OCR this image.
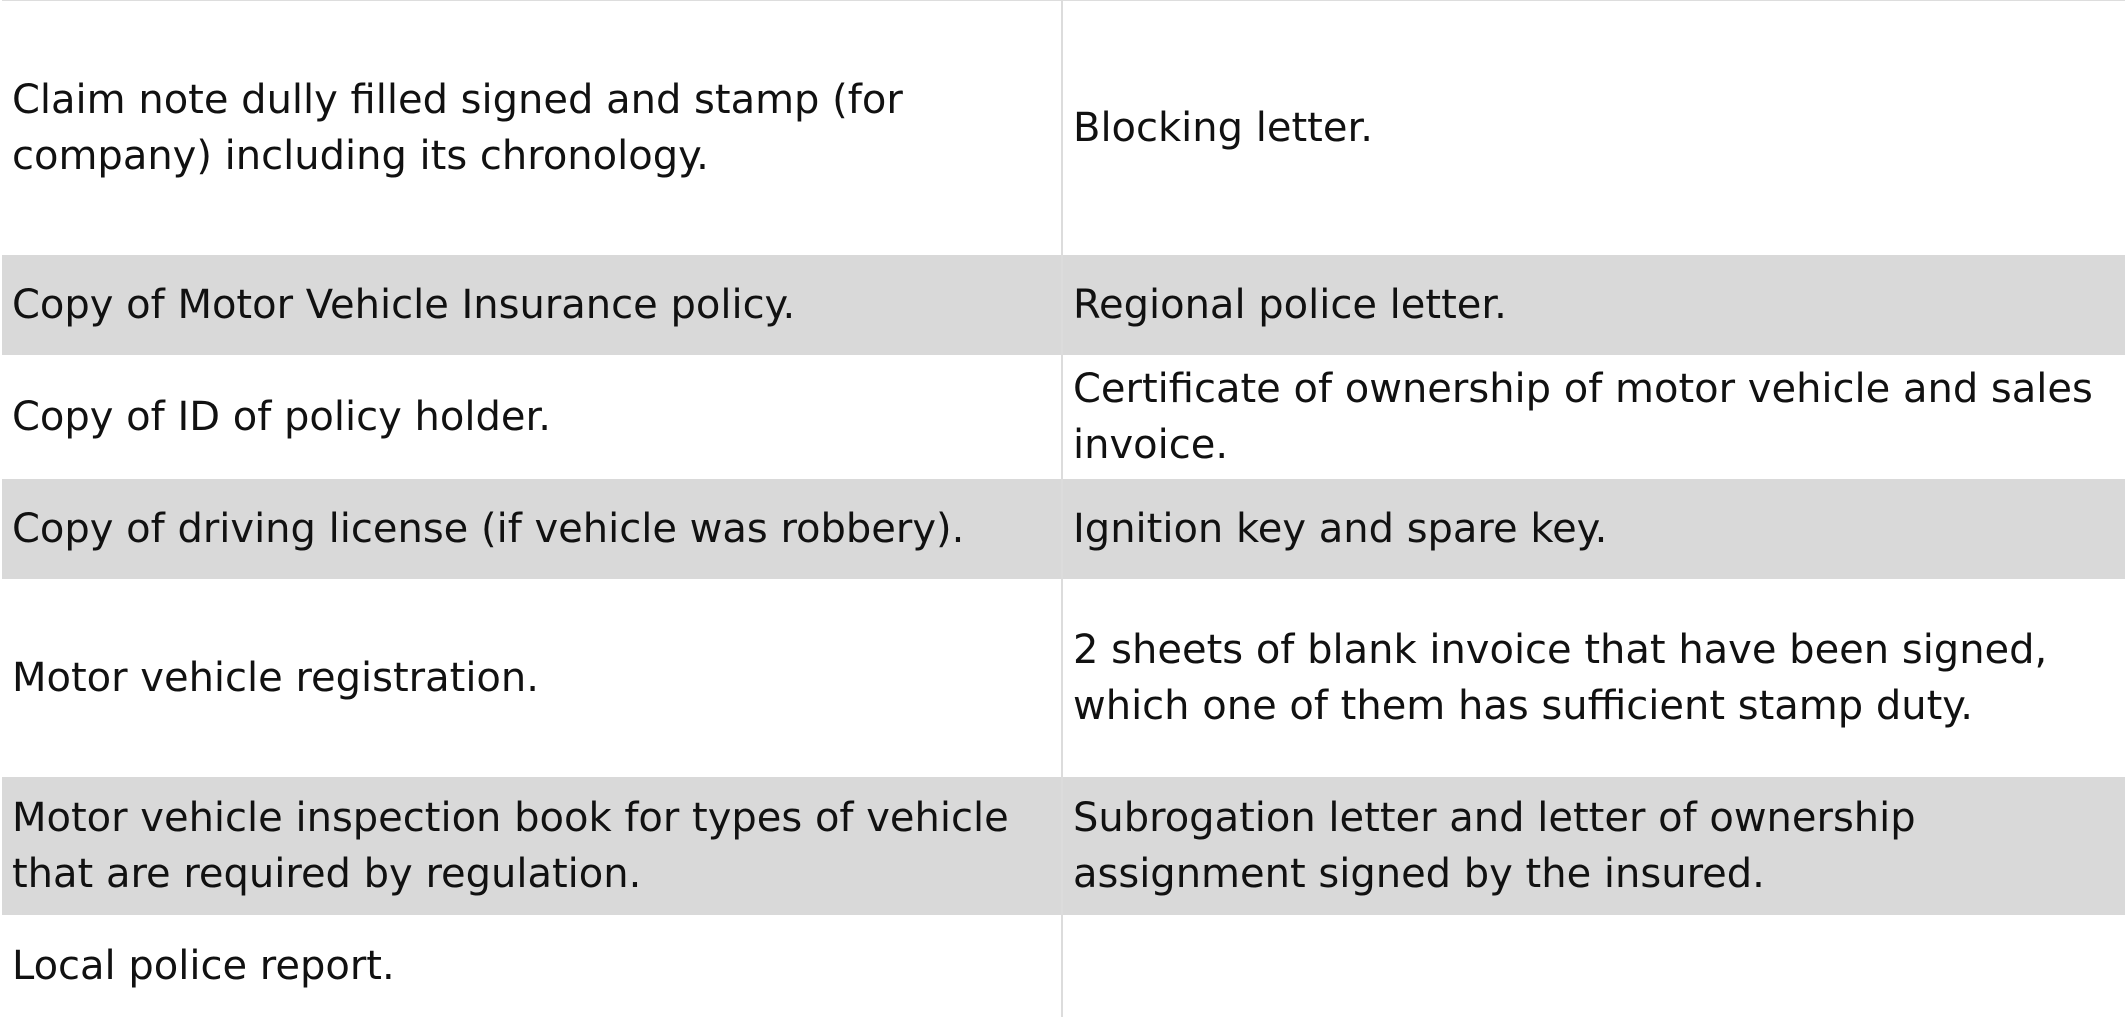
Claim note dully filled signed and stamp (for company) including its chronology.	Blocking letter.
Copy of Motor Vehicle Insurance policy.	Regional police letter.
Copy of ID of policy holder.	Certificate of ownership of motor vehicle and sales invoice.
Copy of driving license (if vehicle was robbery).	Ignition key and spare key.
Motor vehicle registration.	2 sheets of blank invoice that have been signed, which one of them has sufficient stamp duty.
Motor vehicle inspection book for types of vehicle that are required by regulation.	Subrogation letter and letter of ownership assignment signed by the insured.
Local police report.	
